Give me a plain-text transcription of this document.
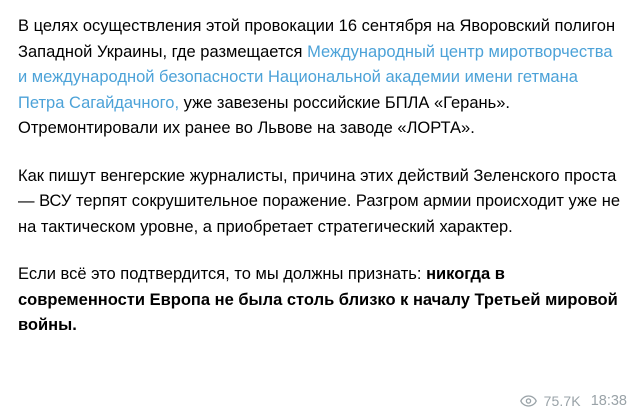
В целях осуществления этой провокации 16 сентября на Яворовский полигон Западной Украины, где размещается Международный центр миротворчества и международной безопасности Национальной академии имени гетмана Петра Сагайдачного, уже завезены российские БПЛА «Герань». Отремонтировали их ранее во Львове на заводе «ЛОРТА».

Как пишут венгерские журналисты, причина этих действий Зеленского проста — ВСУ терпят сокрушительное поражение. Разгром армии происходит уже не на тактическом уровне, а приобретает стратегический характер.

Если всё это подтвердится, то мы должны признать: никогда в современности Европа не была столь близко к началу Третьей мировой войны.

75.7K 18:38
